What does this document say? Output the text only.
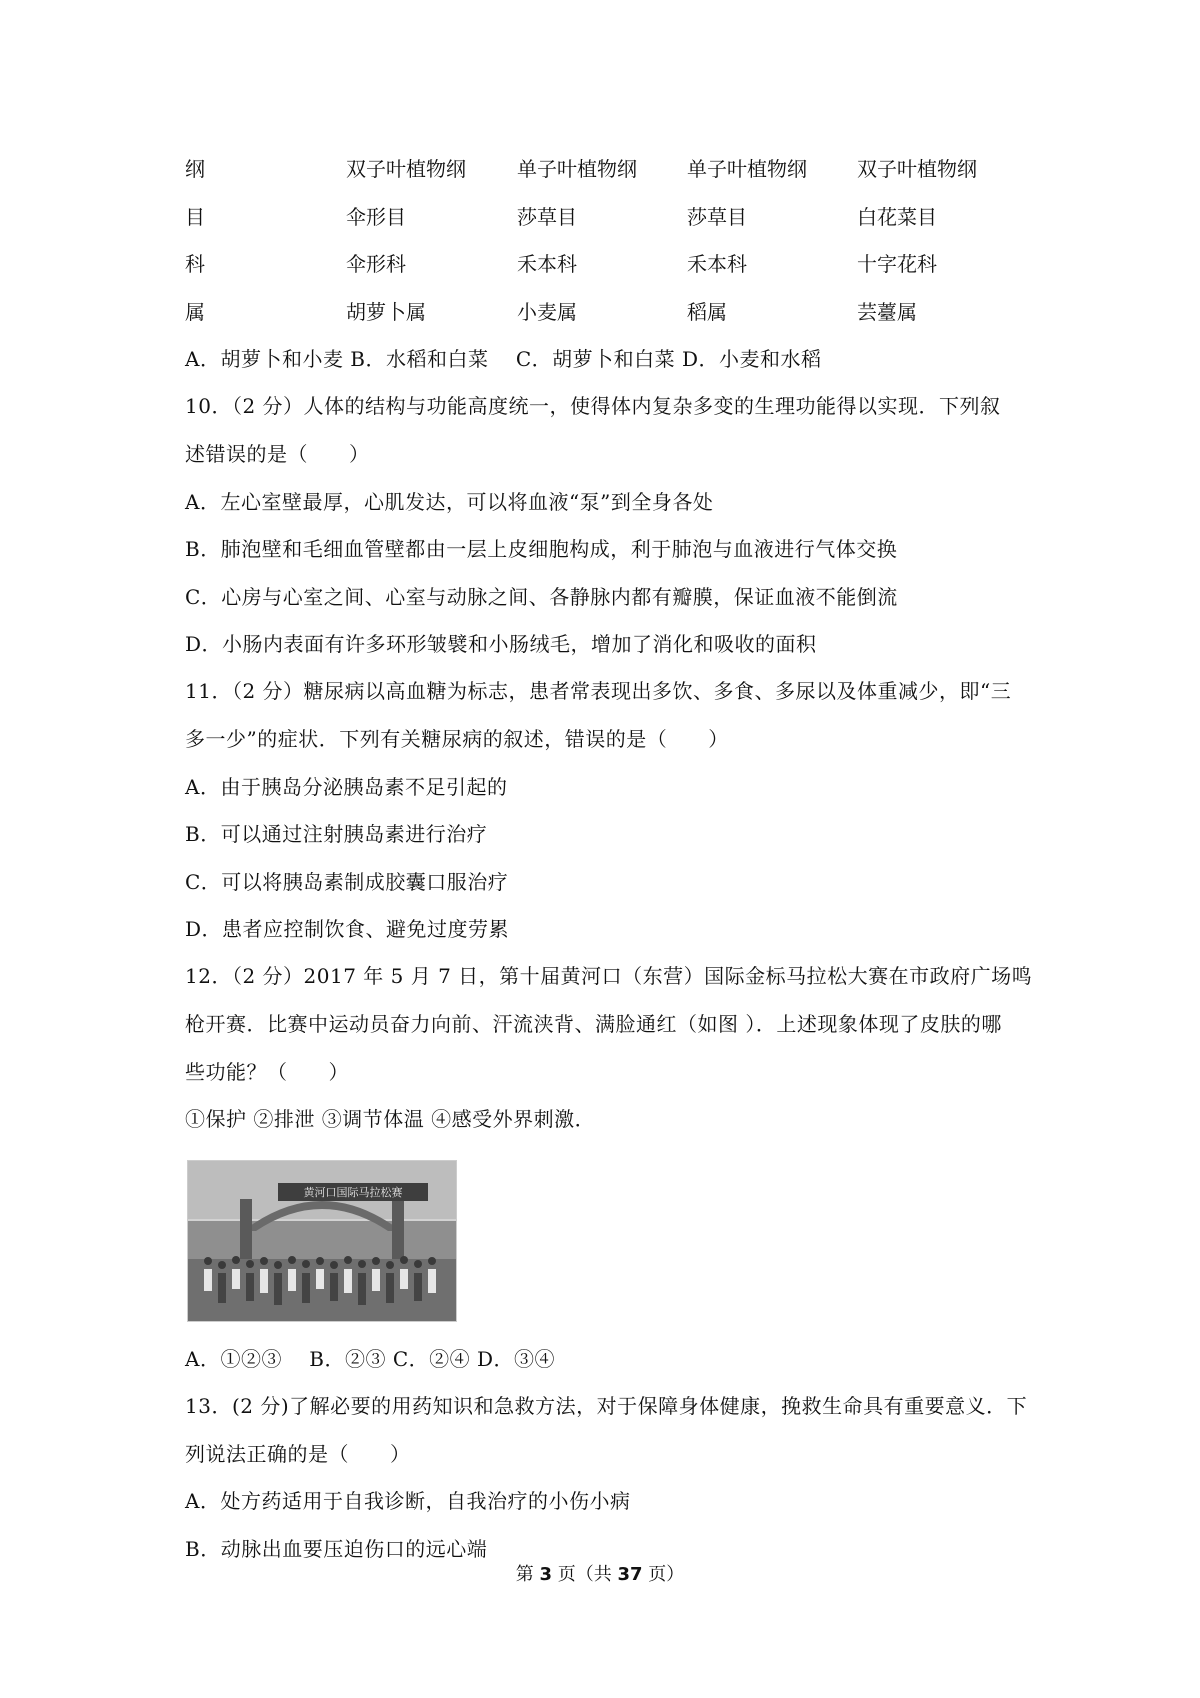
纲	双子叶植物纲	单子叶植物纲	单子叶植物纲	双子叶植物纲
目	伞形目	莎草目	莎草目	白花菜目
科	伞形科	禾本科	禾本科	十字花科
属	胡萝卜属	小麦属	稻属	芸薹属
A．胡萝卜和小麦 B．水稻和白菜 　C．胡萝卜和白菜 D．小麦和水稻
10．（2 分）人体的结构与功能高度统一，使得体内复杂多变的生理功能得以实现．下列叙
述错误的是（　　）
A．左心室壁最厚，心肌发达，可以将血液“泵”到全身各处
B．肺泡壁和毛细血管壁都由一层上皮细胞构成，利于肺泡与血液进行气体交换
C．心房与心室之间、心室与动脉之间、各静脉内都有瓣膜，保证血液不能倒流
D．小肠内表面有许多环形皱襞和小肠绒毛，增加了消化和吸收的面积
11．（2 分）糖尿病以高血糖为标志，患者常表现出多饮、多食、多尿以及体重减少，即“三
多一少”的症状．下列有关糖尿病的叙述，错误的是（　　）
A．由于胰岛分泌胰岛素不足引起的
B．可以通过注射胰岛素进行治疗
C．可以将胰岛素制成胶囊口服治疗
D．患者应控制饮食、避免过度劳累
12．（2 分）2017 年 5 月 7 日，第十届黄河口（东营）国际金标马拉松大赛在市政府广场鸣
枪开赛．比赛中运动员奋力向前、汗流浃背、满脸通红（如图 ）．上述现象体现了皮肤的哪
些功能？（　　）
①保护 ②排泄 ③调节体温 ④感受外界刺激．
黄河口国际马拉松赛
A．①②③　 B．②③ C．②④ D．③④
13．(2 分)了解必要的用药知识和急救方法，对于保障身体健康，挽救生命具有重要意义．下
列说法正确的是（　　）
A．处方药适用于自我诊断，自我治疗的小伤小病
B．动脉出血要压迫伤口的远心端
第 3 页（共 37 页）
